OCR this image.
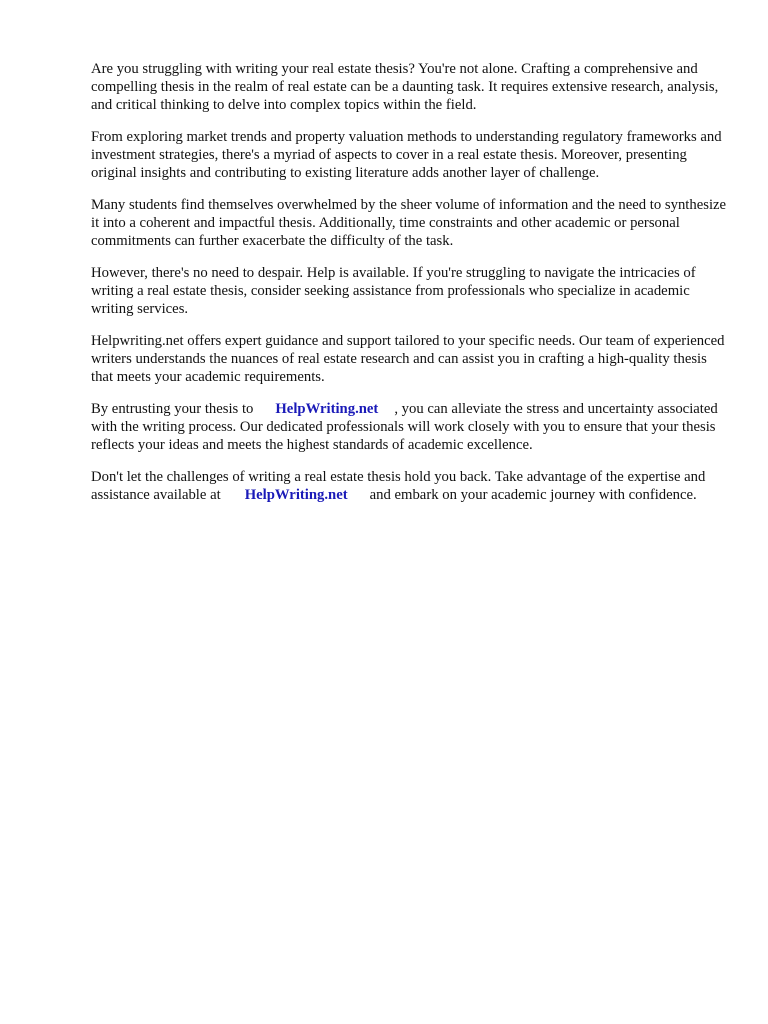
Are you struggling with writing your real estate thesis? You're not alone. Crafting a comprehensive and compelling thesis in the realm of real estate can be a daunting task. It requires extensive research, analysis, and critical thinking to delve into complex topics within the field.

From exploring market trends and property valuation methods to understanding regulatory frameworks and investment strategies, there's a myriad of aspects to cover in a real estate thesis. Moreover, presenting original insights and contributing to existing literature adds another layer of challenge.

Many students find themselves overwhelmed by the sheer volume of information and the need to synthesize it into a coherent and impactful thesis. Additionally, time constraints and other academic or personal commitments can further exacerbate the difficulty of the task.

However, there's no need to despair. Help is available. If you're struggling to navigate the intricacies of writing a real estate thesis, consider seeking assistance from professionals who specialize in academic writing services.

Helpwriting.net offers expert guidance and support tailored to your specific needs. Our team of experienced writers understands the nuances of real estate research and can assist you in crafting a high-quality thesis that meets your academic requirements.

By entrusting your thesis to HelpWriting.net , you can alleviate the stress and uncertainty associated with the writing process. Our dedicated professionals will work closely with you to ensure that your thesis reflects your ideas and meets the highest standards of academic excellence.

Don't let the challenges of writing a real estate thesis hold you back. Take advantage of the expertise and assistance available at HelpWriting.net and embark on your academic journey with confidence.
